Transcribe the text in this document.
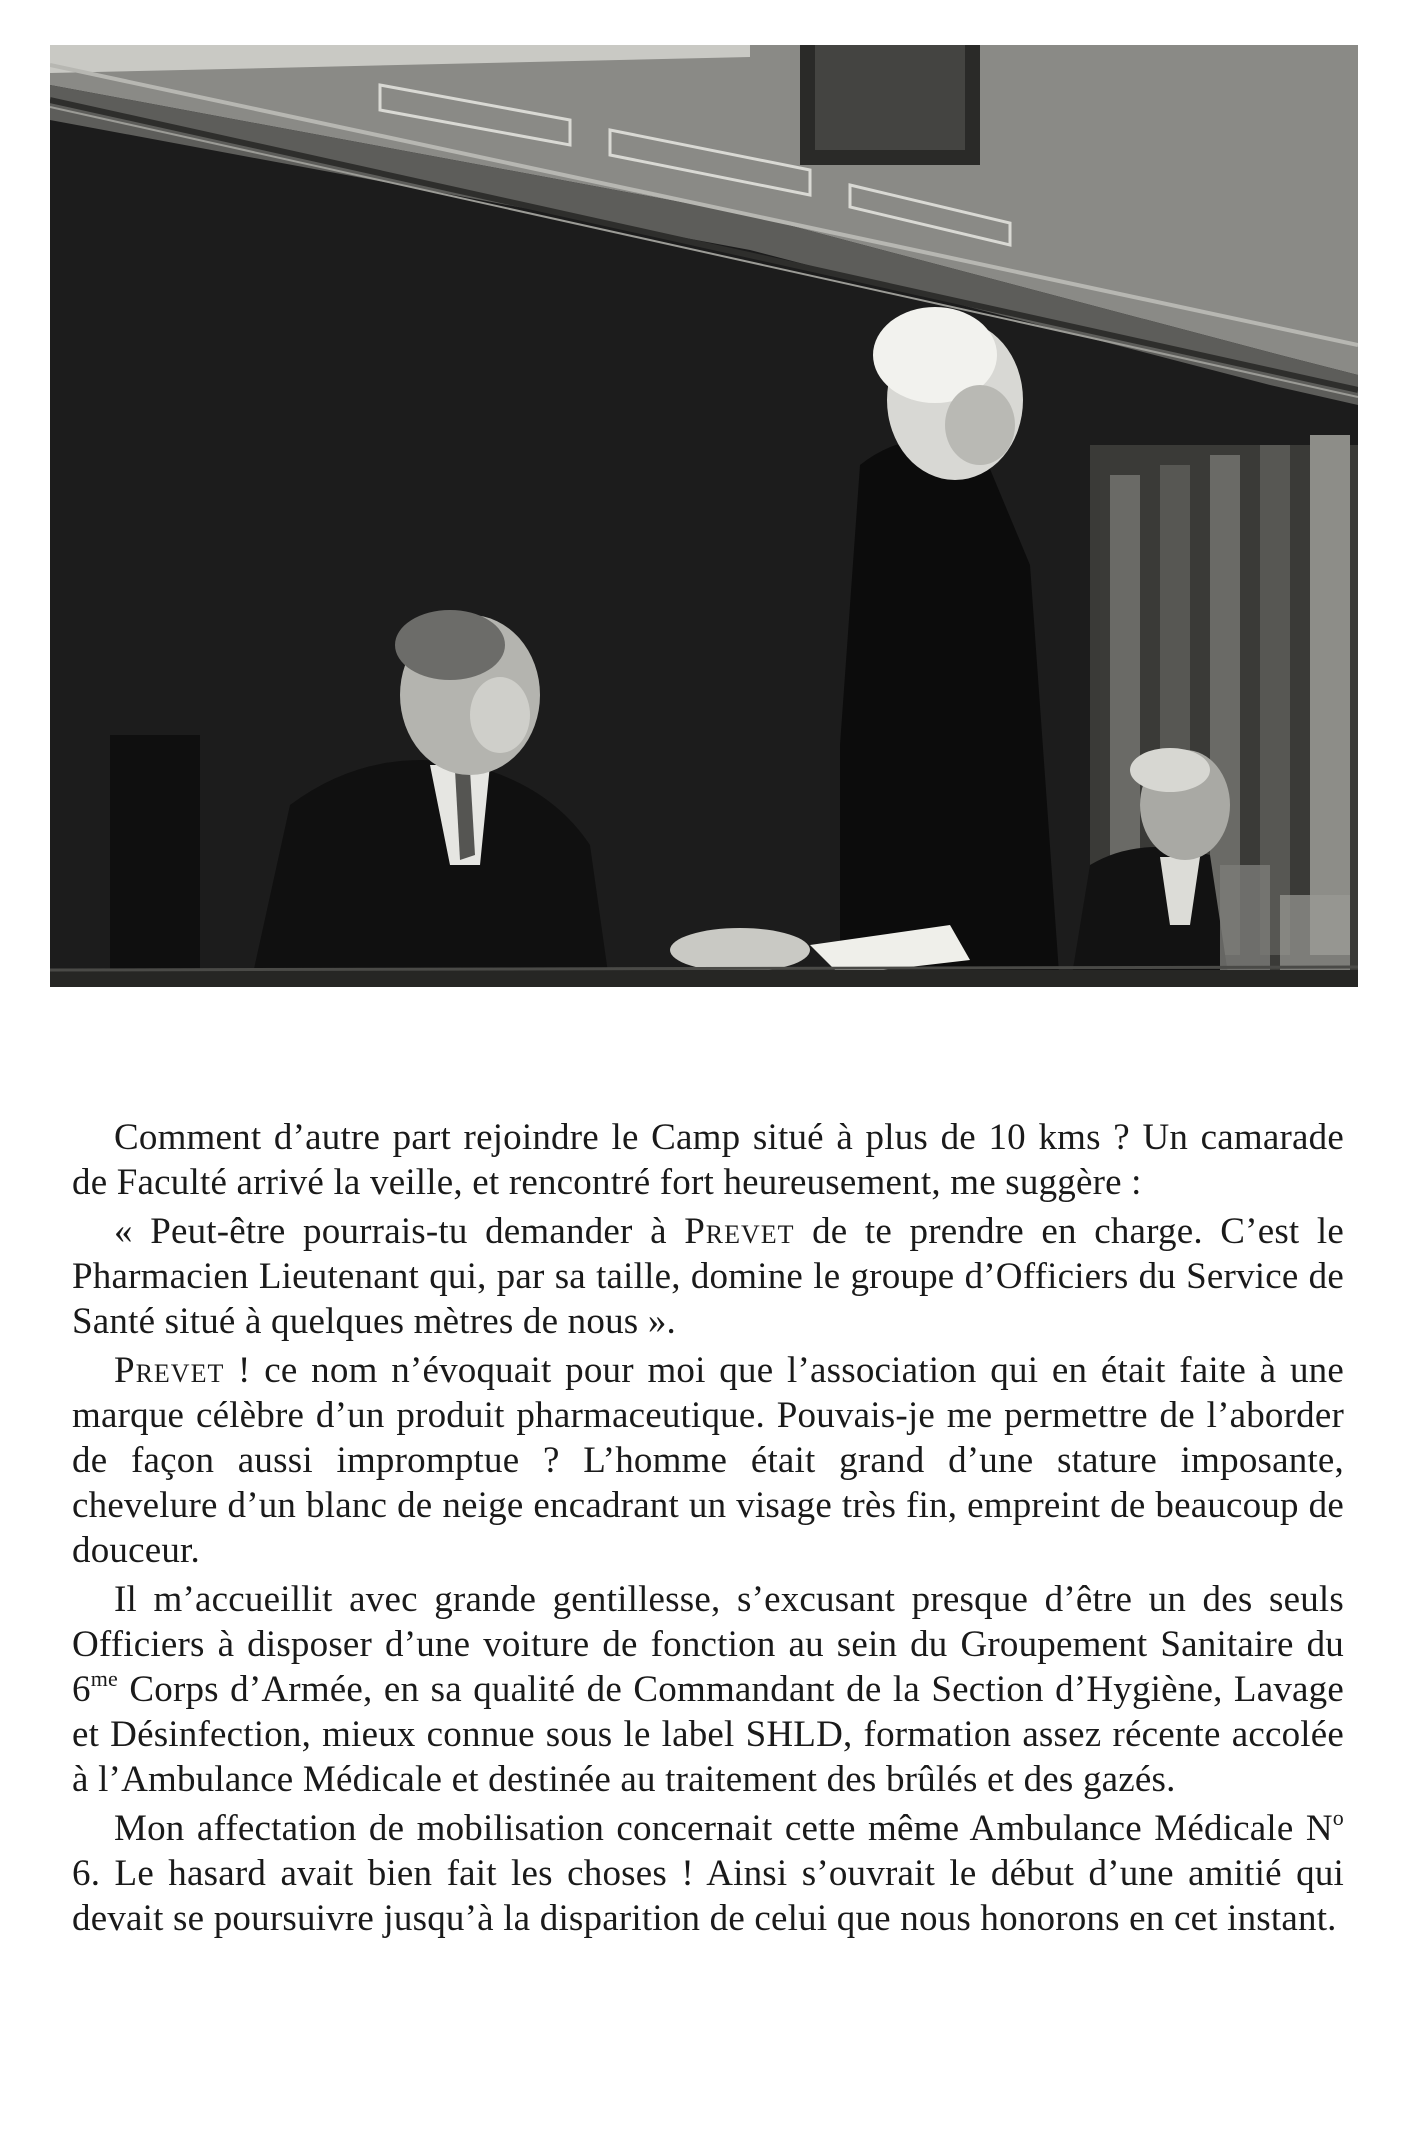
Comment d’autre part rejoindre le Camp situé à plus de 10 kms ? Un camarade de Faculté arrivé la veille, et rencontré fort heureusement, me suggère :

« Peut-être pourrais-tu demander à Prevet de te prendre en charge. C’est le Pharmacien Lieutenant qui, par sa taille, domine le groupe d’Officiers du Service de Santé situé à quelques mètres de nous ».

Prevet ! ce nom n’évoquait pour moi que l’association qui en était faite à une marque célèbre d’un produit pharmaceutique. Pouvais-je me permettre de l’aborder de façon aussi impromptue ? L’homme était grand d’une stature imposante, chevelure d’un blanc de neige encadrant un visage très fin, empreint de beaucoup de douceur.

Il m’accueillit avec grande gentillesse, s’excusant presque d’être un des seuls Officiers à disposer d’une voiture de fonction au sein du Groupement Sanitaire du $6^{me}$ Corps d’Armée, en sa qualité de Commandant de la Section d’Hygiène, Lavage et Désinfection, mieux connue sous le label SHLD, formation assez récente accolée à l’Ambulance Médicale et destinée au traitement des brûlés et des gazés.

Mon affectation de mobilisation concernait cette même Ambulance Médicale $N^o$ 6. Le hasard avait bien fait les choses ! Ainsi s’ouvrait le début d’une amitié qui devait se poursuivre jusqu’à la disparition de celui que nous honorons en cet instant.
